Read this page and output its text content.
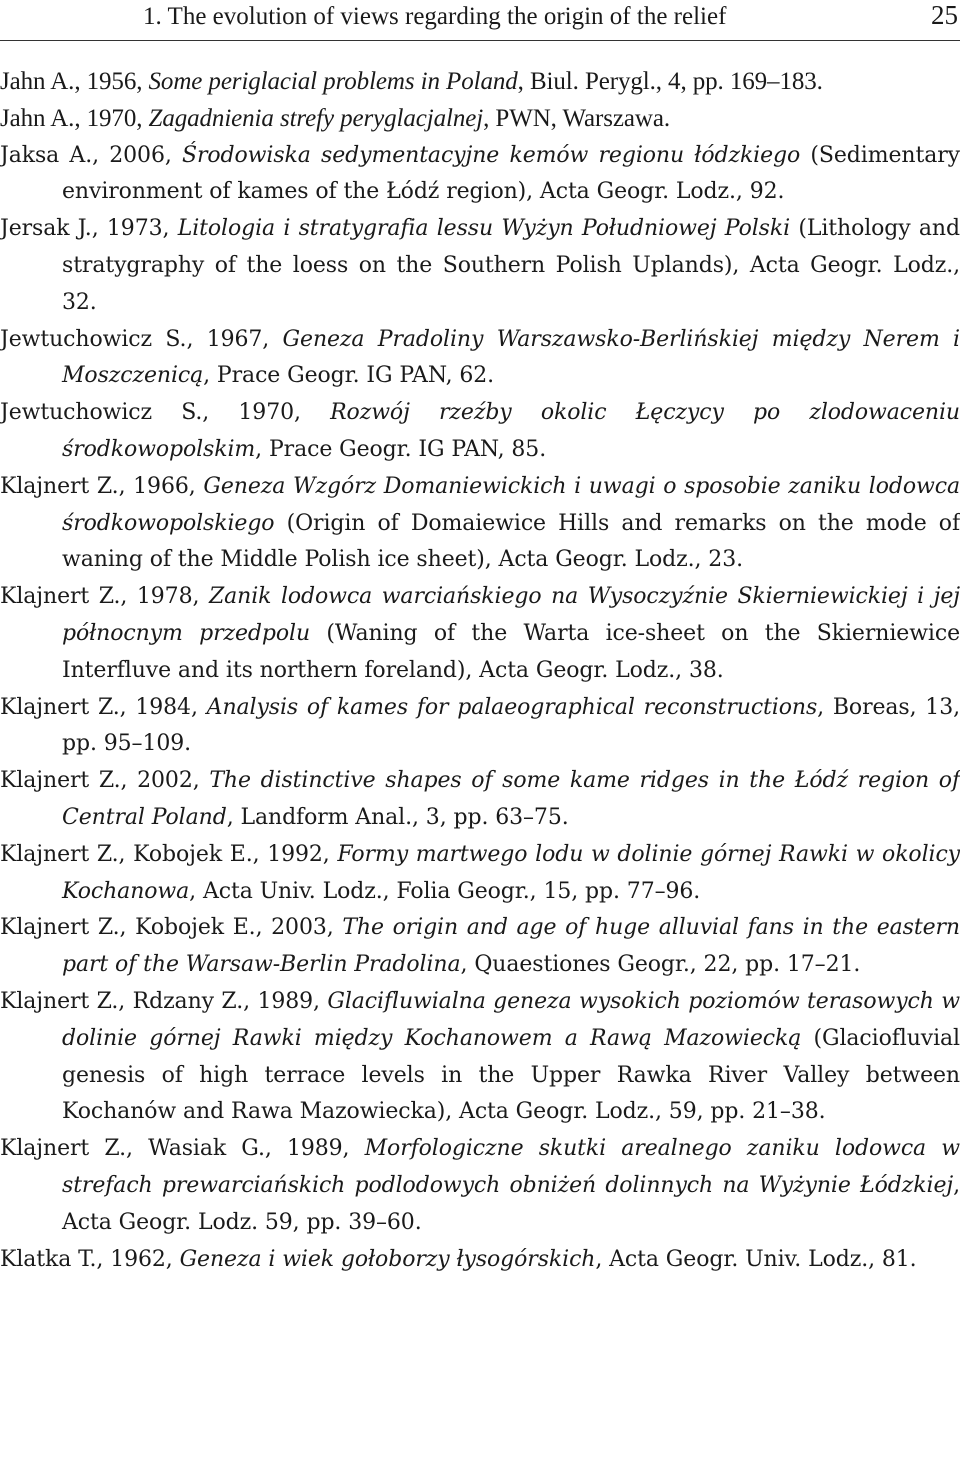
1. The evolution of views regarding the origin of the relief	25
Jahn A., 1956, Some periglacial problems in Poland, Biul. Perygl., 4, pp. 169–183.
Jahn A., 1970, Zagadnienia strefy peryglacjalnej, PWN, Warszawa.
Jaksa A., 2006, Środowiska sedymentacyjne kemów regionu łódzkiego (Sedimentary environment of kames of the Łódź region), Acta Geogr. Lodz., 92.
Jersak J., 1973, Litologia i stratygrafia lessu Wyżyn Południowej Polski (Lithology and stratygraphy of the loess on the Southern Polish Uplands), Acta Geogr. Lodz., 32.
Jewtuchowicz S., 1967, Geneza Pradoliny Warszawsko-Berlińskiej między Nerem i Moszczenicą, Prace Geogr. IG PAN, 62.
Jewtuchowicz S., 1970, Rozwój rzeźby okolic Łęczycy po zlodowaceniu środkowopolskim, Prace Geogr. IG PAN, 85.
Klajnert Z., 1966, Geneza Wzgórz Domaniewickich i uwagi o sposobie zaniku lodowca środkowopolskiego (Origin of Domaiewice Hills and remarks on the mode of waning of the Middle Polish ice sheet), Acta Geogr. Lodz., 23.
Klajnert Z., 1978, Zanik lodowca warciańskiego na Wysoczyźnie Skierniewickiej i jej północnym przedpolu (Waning of the Warta ice-sheet on the Skierniewice Interfluve and its northern foreland), Acta Geogr. Lodz., 38.
Klajnert Z., 1984, Analysis of kames for palaeographical reconstructions, Boreas, 13, pp. 95–109.
Klajnert Z., 2002, The distinctive shapes of some kame ridges in the Łódź region of Central Poland, Landform Anal., 3, pp. 63–75.
Klajnert Z., Kobojek E., 1992, Formy martwego lodu w dolinie górnej Rawki w okolicy Kochanowa, Acta Univ. Lodz., Folia Geogr., 15, pp. 77–96.
Klajnert Z., Kobojek E., 2003, The origin and age of huge alluvial fans in the eastern part of the Warsaw-Berlin Pradolina, Quaestiones Geogr., 22, pp. 17–21.
Klajnert Z., Rdzany Z., 1989, Glacifluwialna geneza wysokich poziomów terasowych w dolinie górnej Rawki między Kochanowem a Rawą Mazowiecką (Glaciofluvial genesis of high terrace levels in the Upper Rawka River Valley between Kochanów and Rawa Mazowiecka), Acta Geogr. Lodz., 59, pp. 21–38.
Klajnert Z., Wasiak G., 1989, Morfologiczne skutki arealnego zaniku lodowca w strefach prewarciańskich podlodowych obniżeń dolinnych na Wyżynie Łódzkiej, Acta Geogr. Lodz. 59, pp. 39–60.
Klatka T., 1962, Geneza i wiek gołoborzy łysogórskich, Acta Geogr. Univ. Lodz., 81.
